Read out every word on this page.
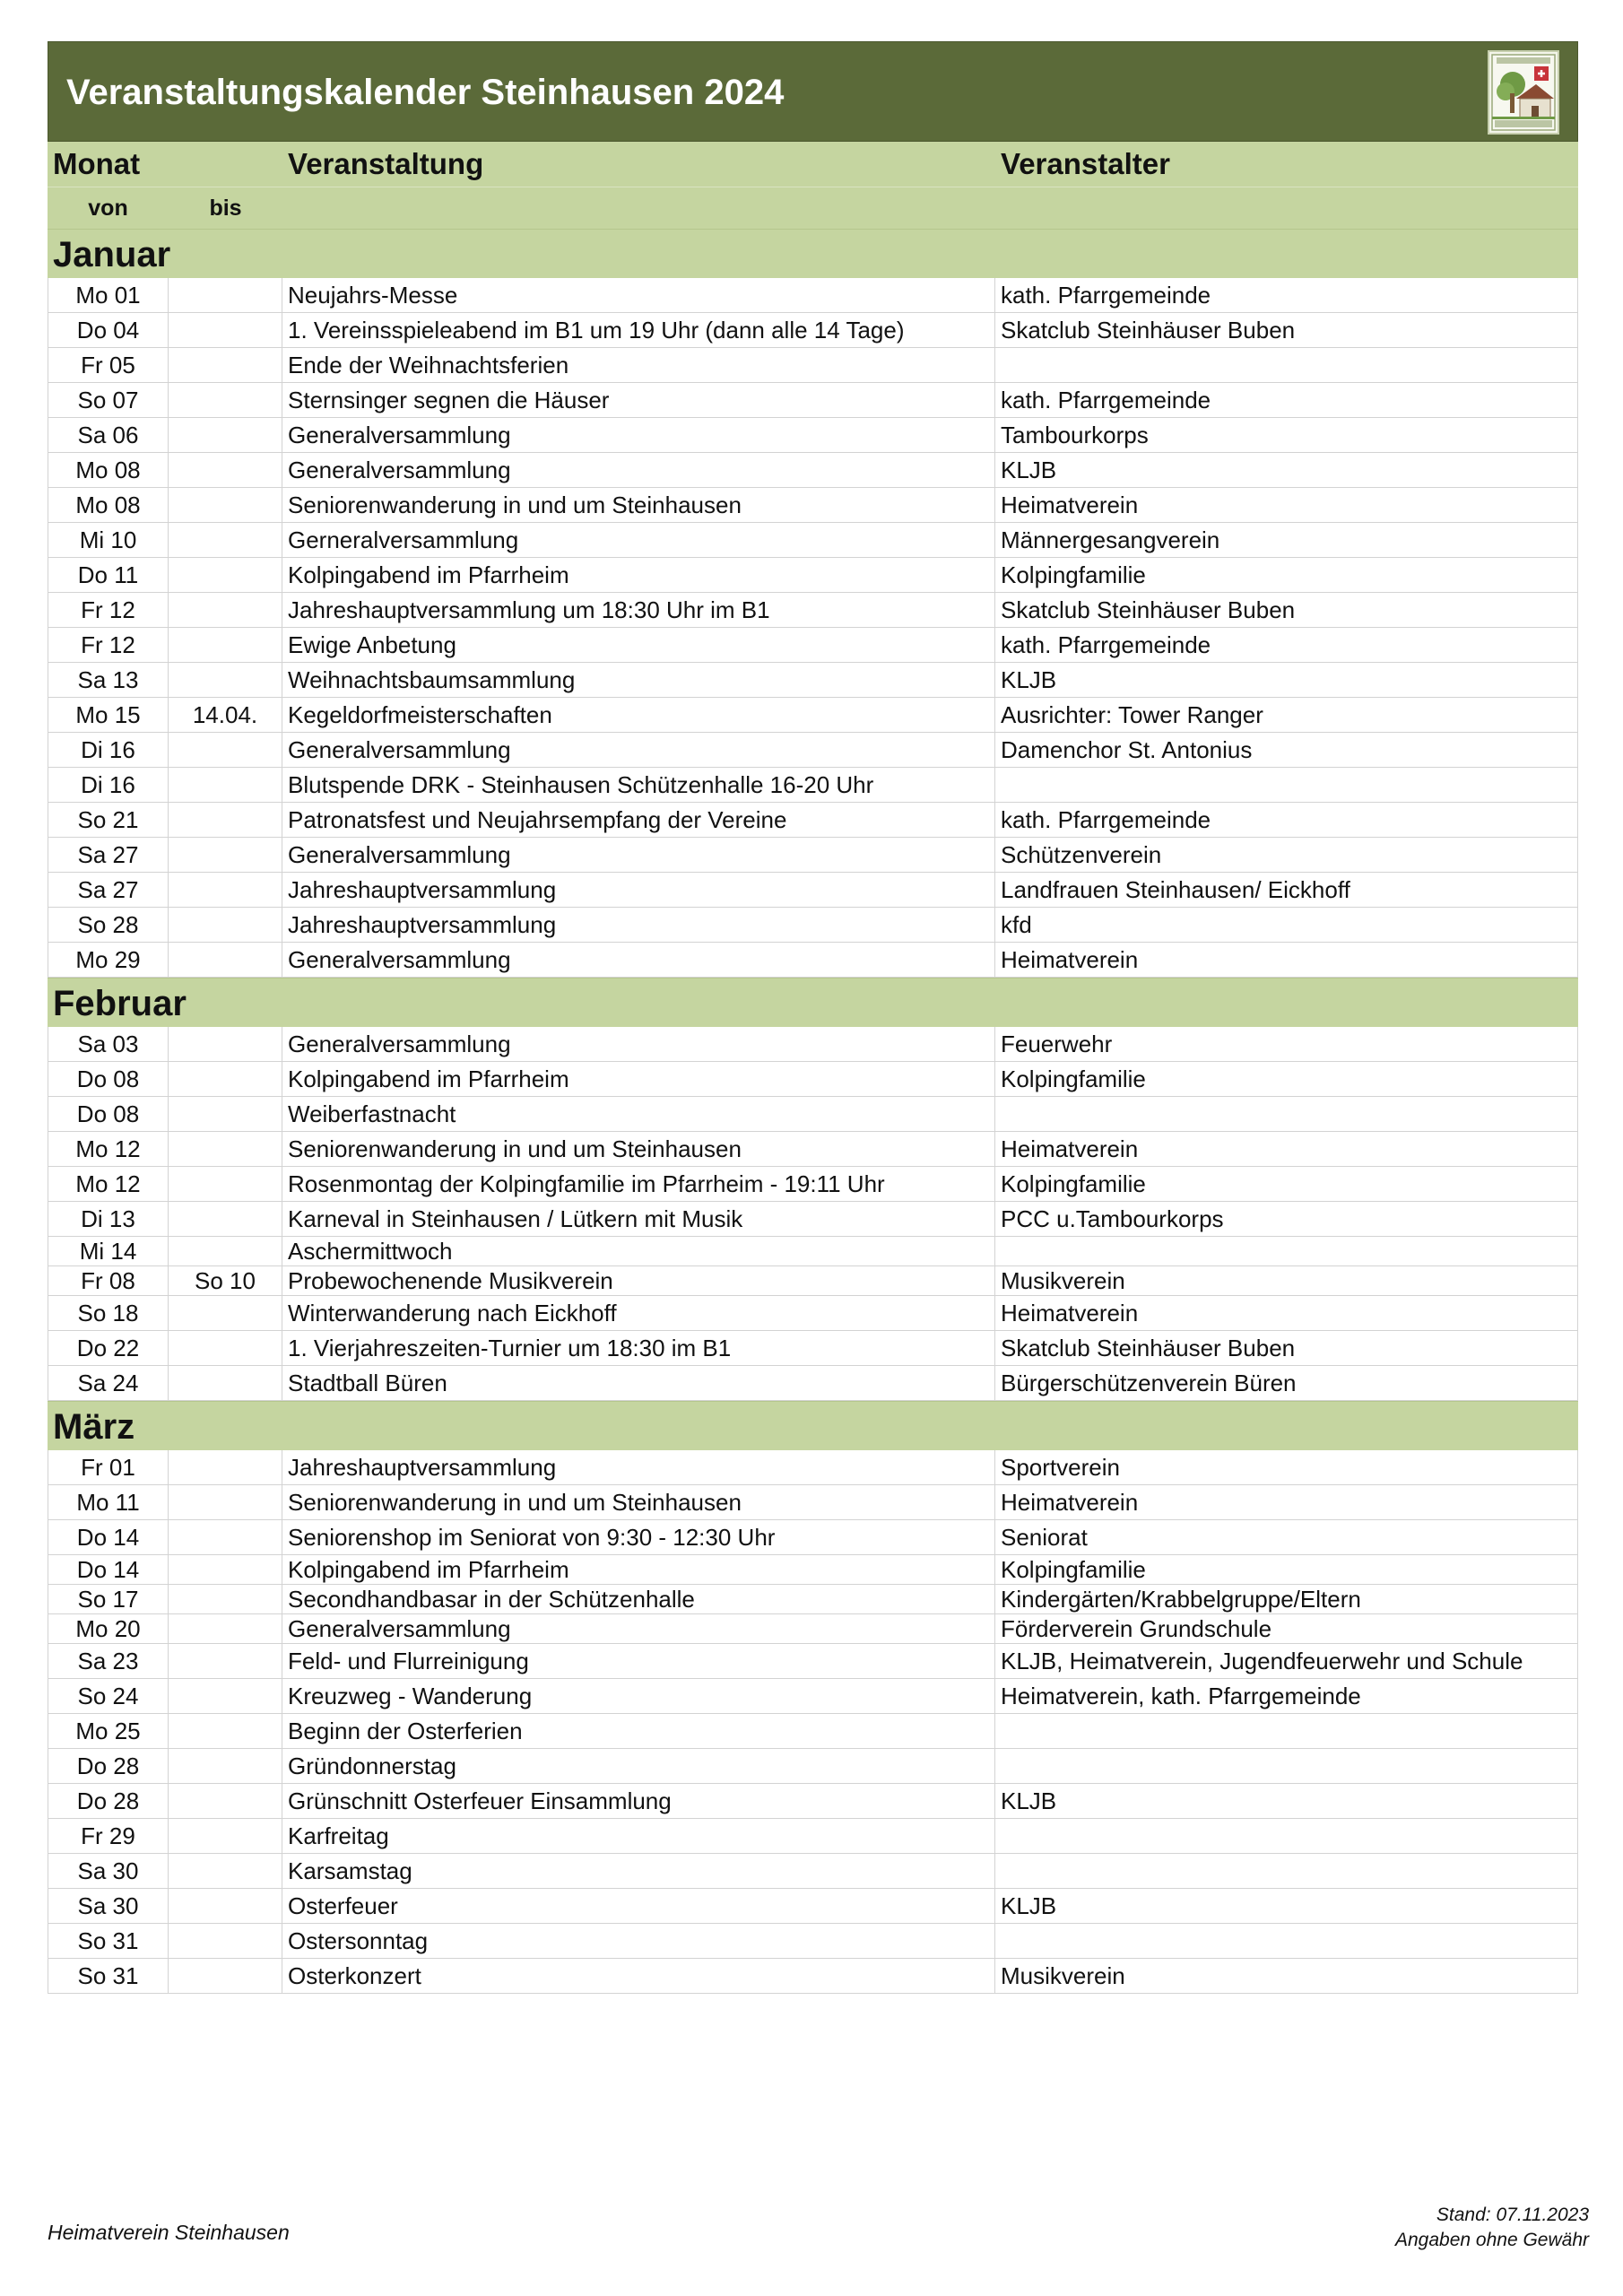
Veranstaltungskalender Steinhausen 2024
Monat	Veranstaltung	Veranstalter
von	bis
Januar
Mo 01	Neujahrs-Messe	kath. Pfarrgemeinde
Do 04	1. Vereinsspieleabend im B1 um 19 Uhr (dann alle 14 Tage)	Skatclub Steinhäuser Buben
Fr 05	Ende der Weihnachtsferien
So 07	Sternsinger segnen die Häuser	kath. Pfarrgemeinde
Sa 06	Generalversammlung	Tambourkorps
Mo 08	Generalversammlung	KLJB
Mo 08	Seniorenwanderung in und um Steinhausen	Heimatverein
Mi 10	Gerneralversammlung	Männergesangverein
Do 11	Kolpingabend im Pfarrheim	Kolpingfamilie
Fr 12	Jahreshauptversammlung um 18:30 Uhr im B1	Skatclub Steinhäuser Buben
Fr 12	Ewige Anbetung	kath. Pfarrgemeinde
Sa 13	Weihnachtsbaumsammlung	KLJB
Mo 15	14.04.	Kegeldorfmeisterschaften	Ausrichter: Tower Ranger
Di 16	Generalversammlung	Damenchor St. Antonius
Di 16	Blutspende DRK - Steinhausen Schützenhalle 16-20 Uhr
So 21	Patronatsfest und Neujahrsempfang der Vereine	kath. Pfarrgemeinde
Sa 27	Generalversammlung	Schützenverein
Sa 27	Jahreshauptversammlung	Landfrauen Steinhausen/ Eickhoff
So 28	Jahreshauptversammlung	kfd
Mo 29	Generalversammlung	Heimatverein
Februar
Sa 03	Generalversammlung	Feuerwehr
Do 08	Kolpingabend im Pfarrheim	Kolpingfamilie
Do 08	Weiberfastnacht
Mo 12	Seniorenwanderung in und um Steinhausen	Heimatverein
Mo 12	Rosenmontag der Kolpingfamilie im Pfarrheim - 19:11 Uhr	Kolpingfamilie
Di 13	Karneval in Steinhausen / Lütkern mit Musik	PCC u.Tambourkorps
Mi 14	Aschermittwoch
Fr 08	So 10	Probewochenende Musikverein	Musikverein
So 18	Winterwanderung nach Eickhoff	Heimatverein
Do 22	1. Vierjahreszeiten-Turnier um 18:30 im B1	Skatclub Steinhäuser Buben
Sa 24	Stadtball Büren	Bürgerschützenverein Büren
März
Fr 01	Jahreshauptversammlung	Sportverein
Mo 11	Seniorenwanderung in und um Steinhausen	Heimatverein
Do 14	Seniorenshop im Seniorat von 9:30 - 12:30 Uhr	Seniorat
Do 14	Kolpingabend im Pfarrheim	Kolpingfamilie
So 17	Secondhandbasar in der Schützenhalle	Kindergärten/Krabbelgruppe/Eltern
Mo 20	Generalversammlung	Förderverein Grundschule
Sa 23	Feld- und Flurreinigung	KLJB, Heimatverein, Jugendfeuerwehr und Schule
So 24	Kreuzweg - Wanderung	Heimatverein, kath. Pfarrgemeinde
Mo 25	Beginn der Osterferien
Do 28	Gründonnerstag
Do 28	Grünschnitt Osterfeuer Einsammlung	KLJB
Fr 29	Karfreitag
Sa 30	Karsamstag
Sa 30	Osterfeuer	KLJB
So 31	Ostersonntag
So 31	Osterkonzert	Musikverein
Heimatverein Steinhausen
Stand: 07.11.2023
Angaben ohne Gewähr
